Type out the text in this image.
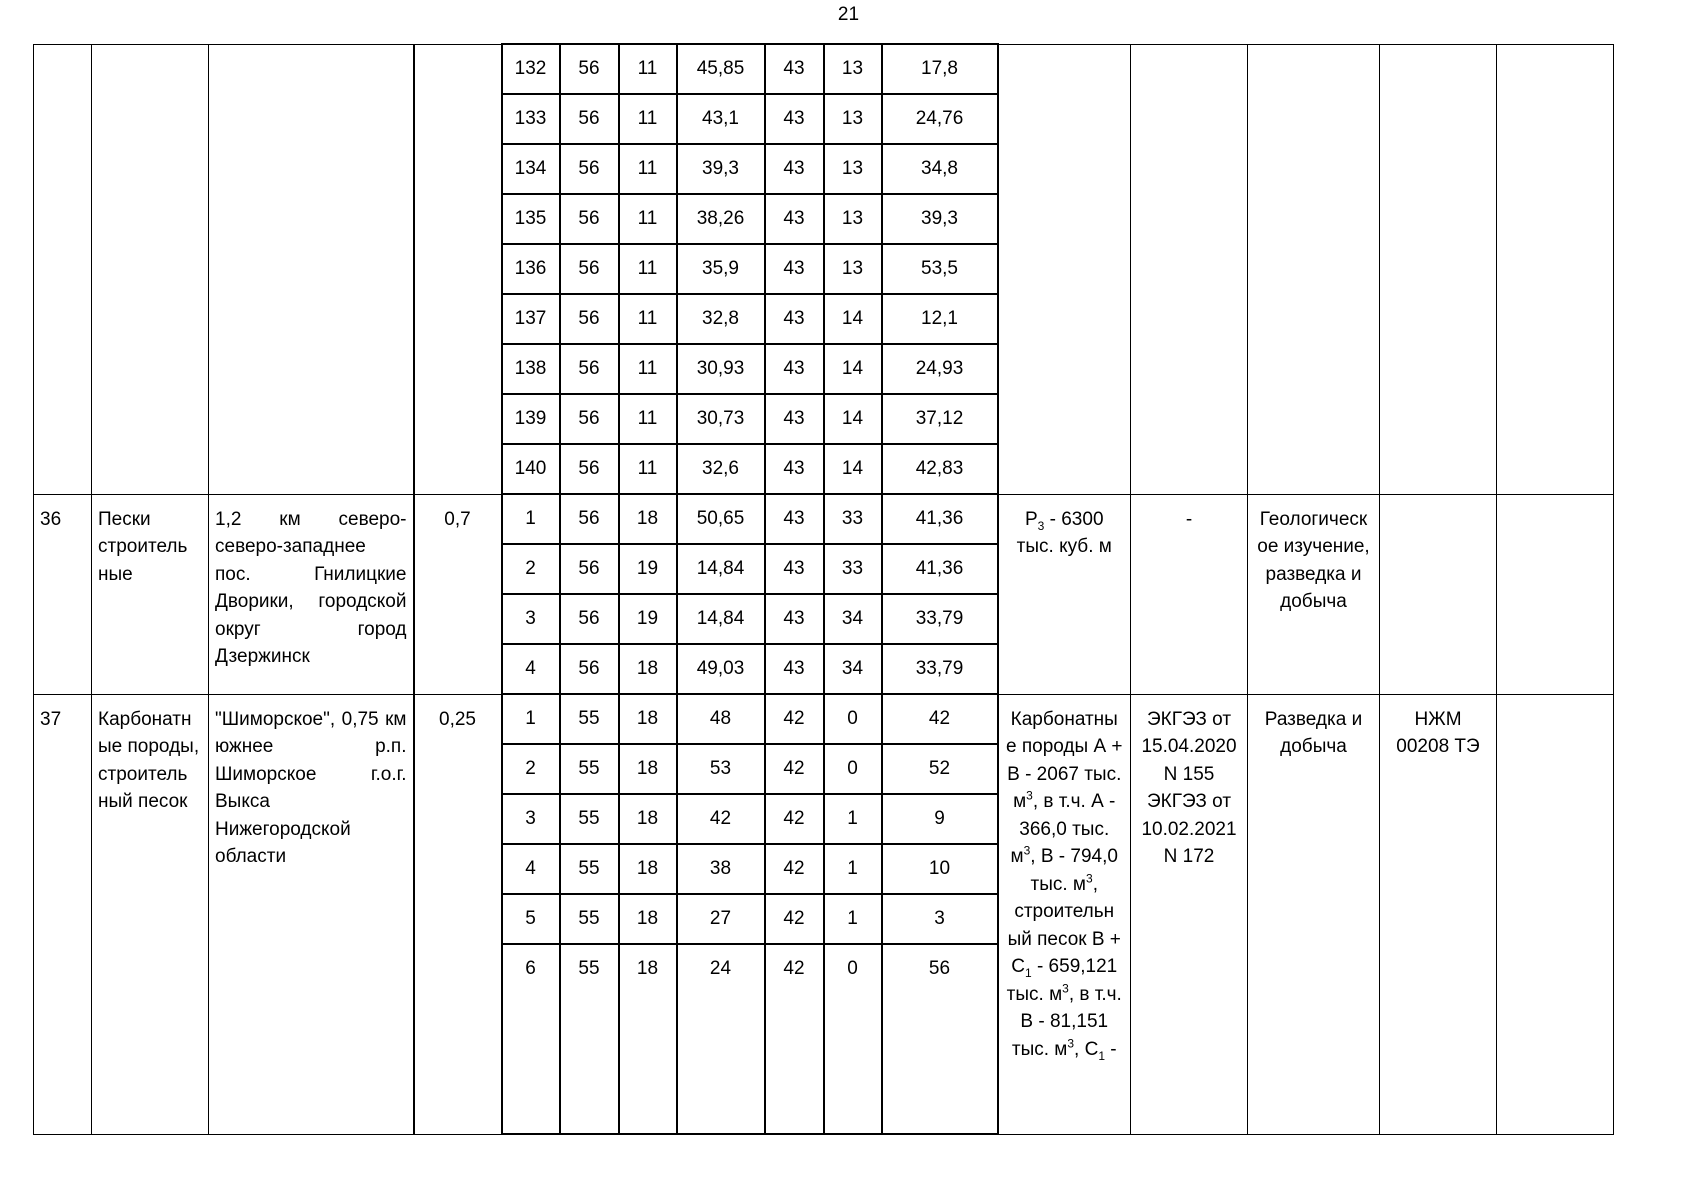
21
				132	56	11	45,85	43	13	17,8					
				133	56	11	43,1	43	13	24,76					
				134	56	11	39,3	43	13	34,8					
				135	56	11	38,26	43	13	39,3					
				136	56	11	35,9	43	13	53,5					
				137	56	11	32,8	43	14	12,1					
				138	56	11	30,93	43	14	24,93					
				139	56	11	30,73	43	14	37,12					
				140	56	11	32,6	43	14	42,83					
36	Пески строитель ные	1,2 км северо-северо-западнее пос. Гнилицкие Дворики, городской округ город Дзержинск	0,7	1	56	18	50,65	43	33	41,36	$P_3 - 6300$ тыс. куб. м	-	Геологическ ое изучение, разведка и добыча		
				2	56	19	14,84	43	33	41,36					
				3	56	19	14,84	43	34	33,79					
				4	56	18	49,03	43	34	33,79					
37	Карбонатн ые породы, строитель ный песок	"Шиморское", 0,75 км южнее р.п. Шиморское г.о.г. Выкса Нижегородской области	0,25	1	55	18	48	42	0	42	Карбонатны е породы А + В - 2067 тыс. $м^3$, в т.ч. А - 366,0 тыс. $м^3$, В - 794,0 тыс. $м^3$, строительн ый песок $В + С_1 - 659,121$ тыс. $м^3$, в т.ч. В - 81,151 тыс. $м^3$, $С_1$ -	ЭКГЭЗ от 15.04.2020 N 155 ЭКГЭЗ от 10.02.2021 N 172	Разведка и добыча	НЖМ 00208 ТЭ	
				2	55	18	53	42	0	52					
				3	55	18	42	42	1	9					
				4	55	18	38	42	1	10					
				5	55	18	27	42	1	3					
				6	55	18	24	42	0	56					
